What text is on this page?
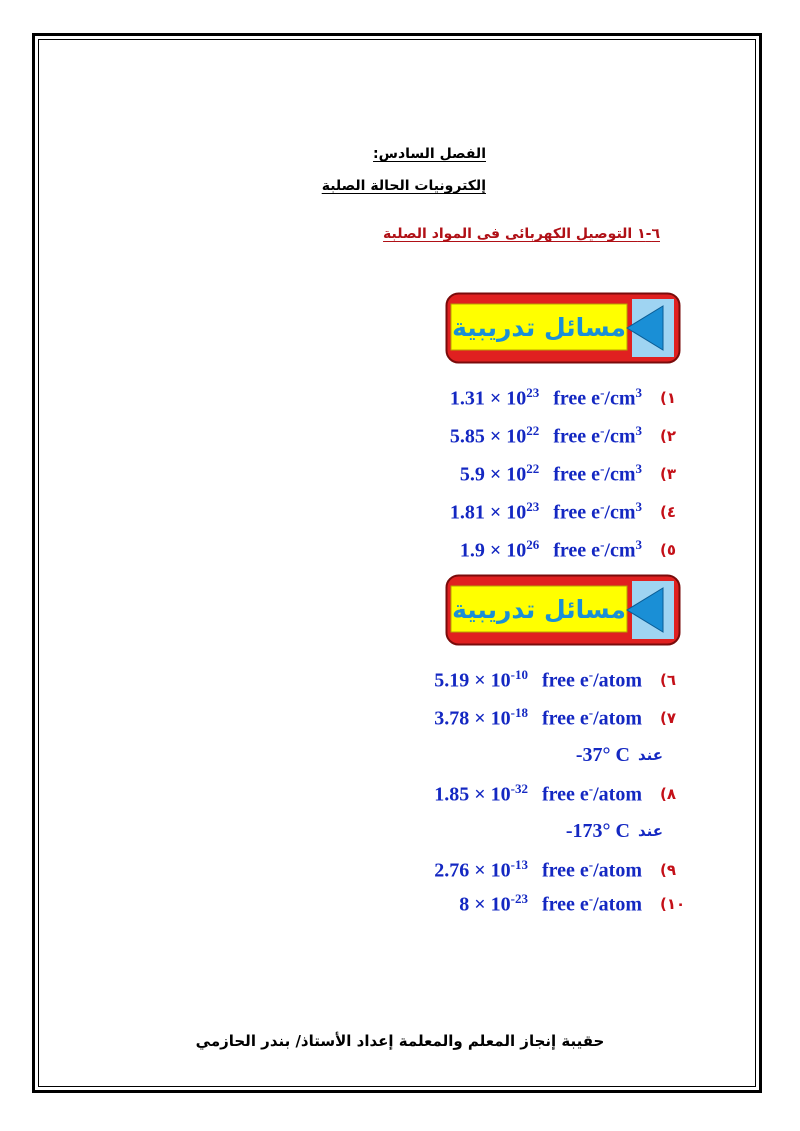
الفصل السادس:
إلكترونيات الحالة الصلبة
٦-١ التوصيل الكهربائى فى المواد الصلبة
مسائل تدريبية
$1.31 \times 10^{23}$ free $e^-/cm^3$ (١
$5.85 \times 10^{22}$ free $e^-/cm^3$ (٢
$5.9 \times 10^{22}$ free $e^-/cm^3$ (٣
$1.81 \times 10^{23}$ free $e^-/cm^3$ (٤
$1.9 \times 10^{26}$ free $e^-/cm^3$ (٥
مسائل تدريبية
$5.19 \times 10^{-10}$ free e-/atom (٦
$3.78 \times 10^{-18}$ free e-/atom (٧
-37° C عند
$1.85 \times 10^{-32}$ free e-/atom (٨
-173° C عند
$2.76 \times 10^{-13}$ free e-/atom (٩
$8 \times 10^{-23}$ free e-/atom (١٠
حقيبة إنجاز المعلم والمعلمة إعداد الأستاذ/ بندر الحازمي
